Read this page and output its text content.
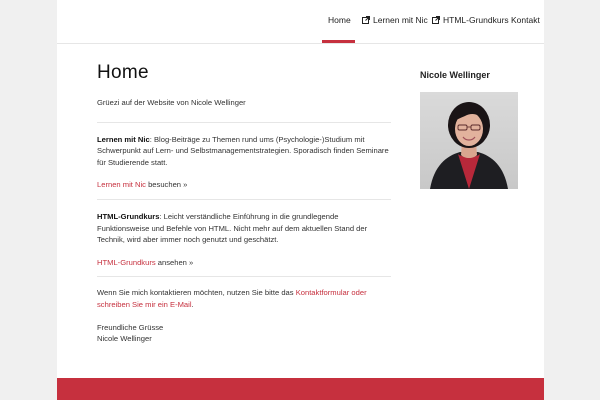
Home	Lernen mit Nic HTML-Grundkurs Kontakt
Home

Grüezi auf der Website von Nicole Wellinger

Lernen mit Nic: Blog-Beiträge zu Themen rund ums (Psychologie-)Studium mit Schwerpunkt auf Lern- und Selbstmanagementstrategien. Sporadisch finden Seminare für Studierende statt.

Lernen mit Nic besuchen »

HTML-Grundkurs: Leicht verständliche Einführung in die grundlegende Funktionsweise und Befehle von HTML. Nicht mehr auf dem aktuellen Stand der Technik, wird aber immer noch genutzt und geschätzt.

HTML-Grundkurs ansehen »

Wenn Sie mich kontaktieren möchten, nutzen Sie bitte das Kontaktformular oder schreiben Sie mir ein E-Mail.

Freundliche Grüsse
Nicole Wellinger

Nicole Wellinger
